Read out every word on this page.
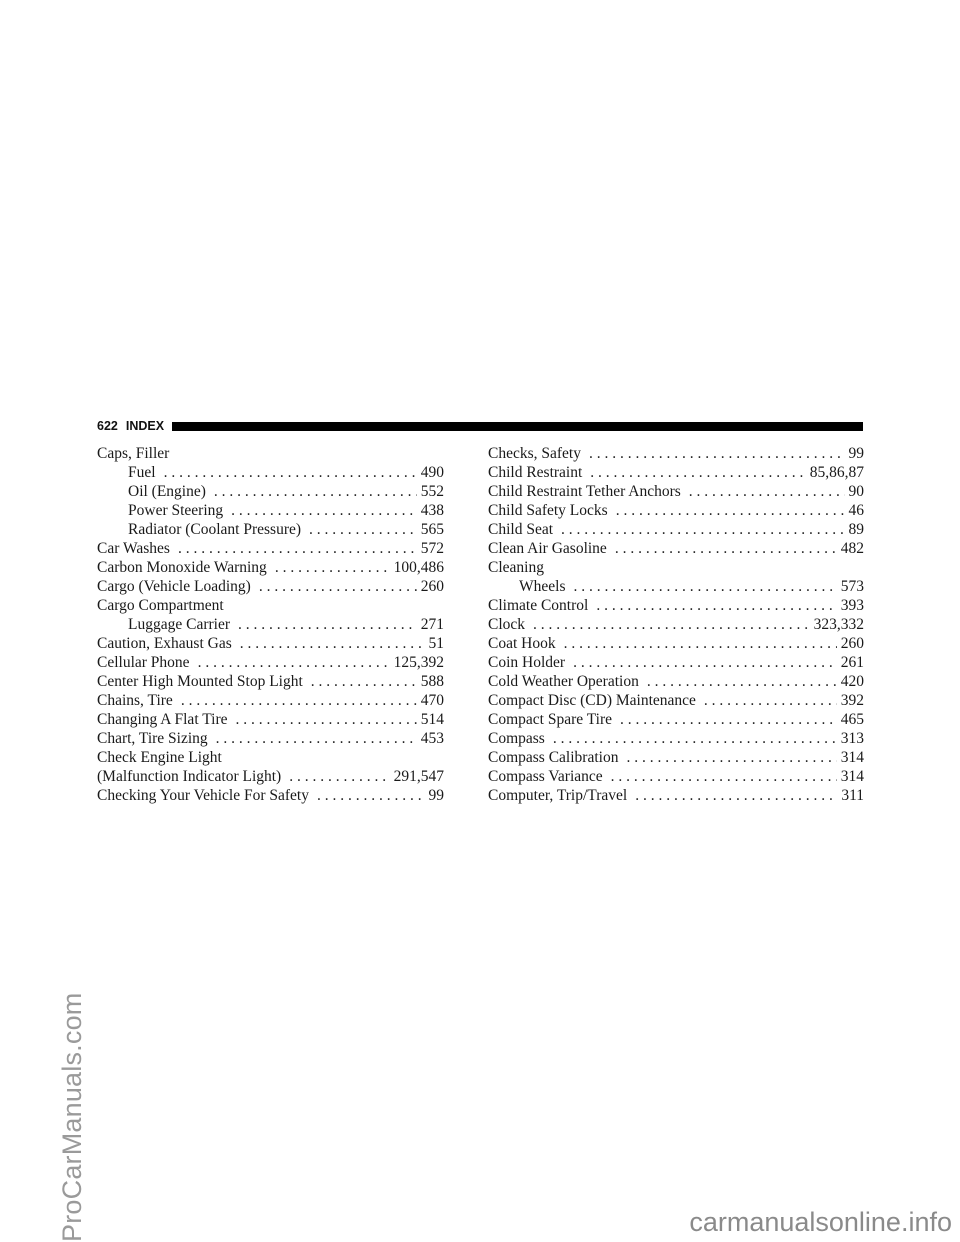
ProCarManuals.com	carmanualsonline.info
622 INDEX
Caps, Filler
Fuel . . .	490
Oil (Engine) . . .	552
Power Steering . . .	438
Radiator (Coolant Pressure) . . .	565
Car Washes . . .	572
Carbon Monoxide Warning . . .	100,486
Cargo (Vehicle Loading) . . .	260
Cargo Compartment
Luggage Carrier . . .	271
Caution, Exhaust Gas . . .	51
Cellular Phone . . .	125,392
Center High Mounted Stop Light . . .	588
Chains, Tire . . .	470
Changing A Flat Tire . . .	514
Chart, Tire Sizing . . .	453
Check Engine Light
(Malfunction Indicator Light) . . .	291,547
Checking Your Vehicle For Safety . . .	99
Checks, Safety . . .	99
Child Restraint . . .	85,86,87
Child Restraint Tether Anchors . . .	90
Child Safety Locks . . .	46
Child Seat . . .	89
Clean Air Gasoline . . .	482
Cleaning
Wheels . . .	573
Climate Control . . .	393
Clock . . .	323,332
Coat Hook . . .	260
Coin Holder . . .	261
Cold Weather Operation . . .	420
Compact Disc (CD) Maintenance . . .	392
Compact Spare Tire . . .	465
Compass . . .	313
Compass Calibration . . .	314
Compass Variance . . .	314
Computer, Trip/Travel . . .	311
